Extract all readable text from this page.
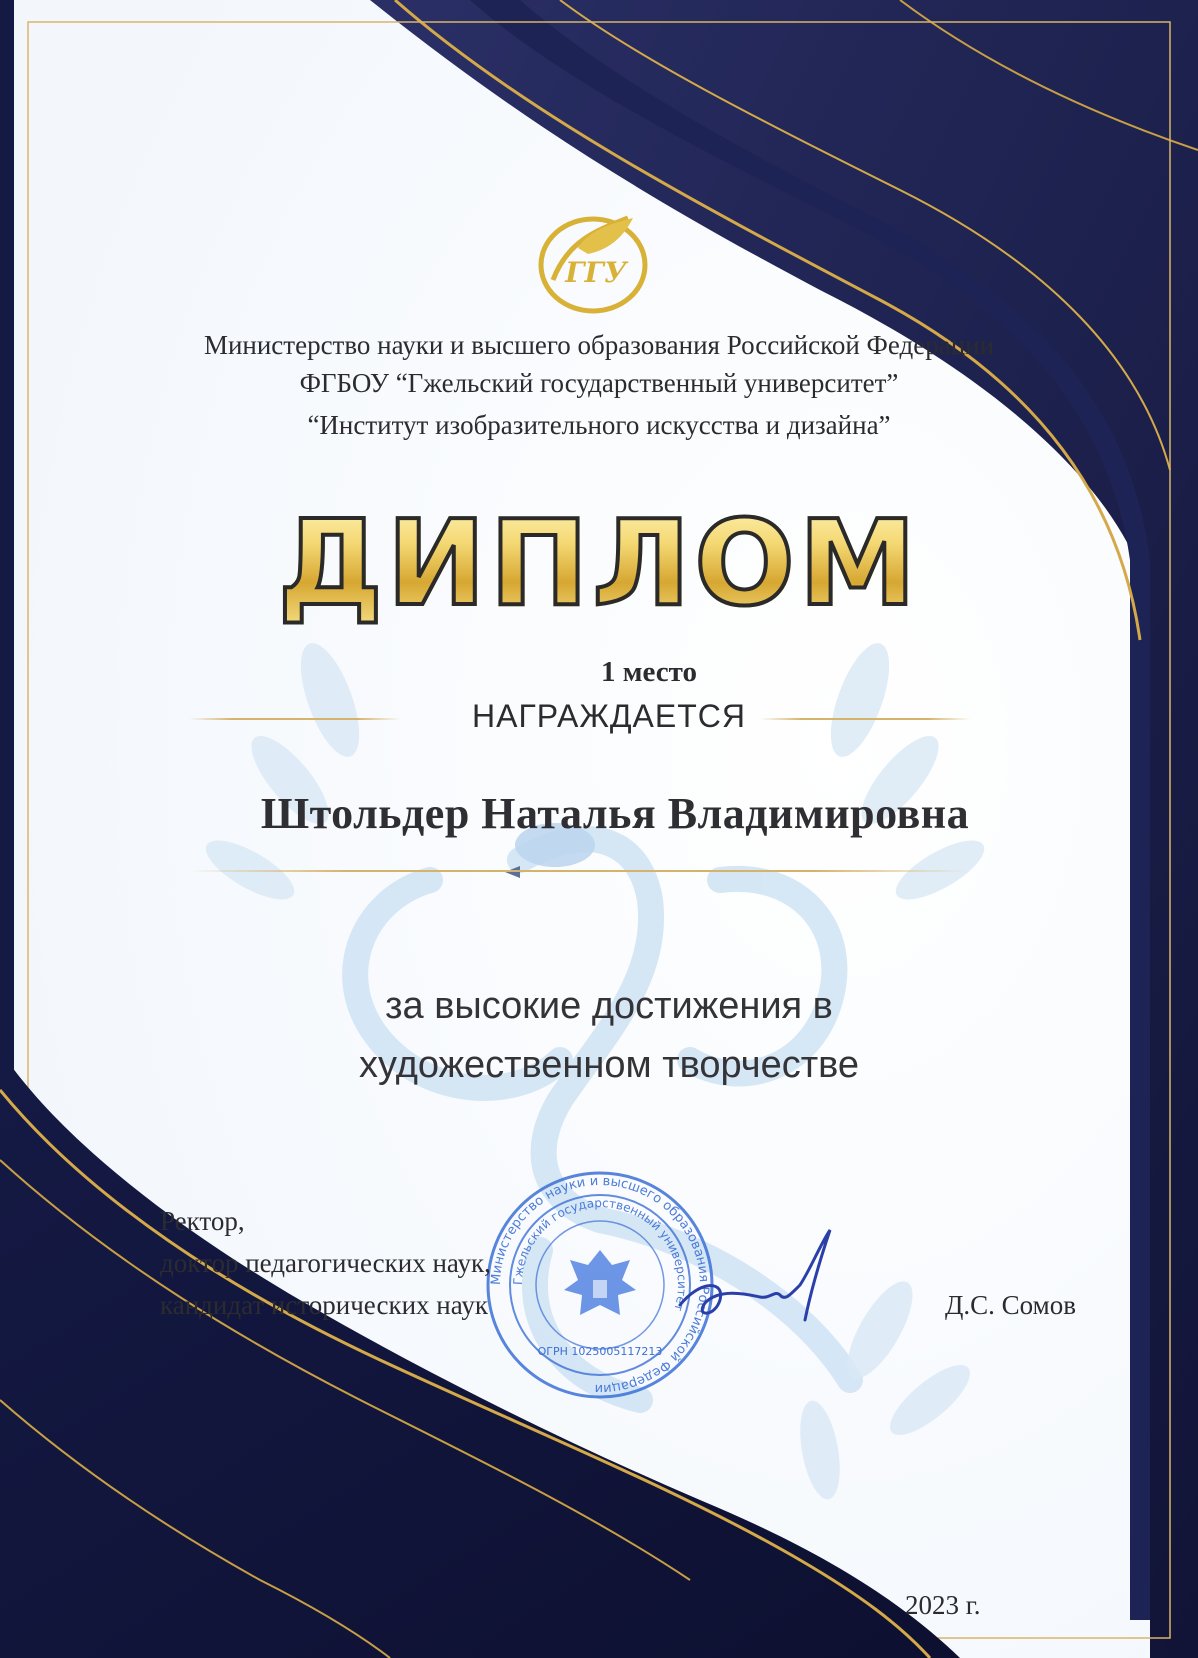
ГГУ
Министерство науки и высшего образования Российской Федерации
ФГБОУ “Гжельский государственный университет”
“Институт изобразительного искусства и дизайна”
ДИПЛОМ
1 место
НАГРАЖДАЕТСЯ
Штольдер Наталья Владимировна
за высокие достижения в
художественном творчестве
Министерство науки и высшего образования Российской Федерации
Гжельский государственный университет
ОГРН 1025005117213
Ректор,
доктор педагогических наук,
кандидат исторических наук	Д.С. Сомов
2023 г.
